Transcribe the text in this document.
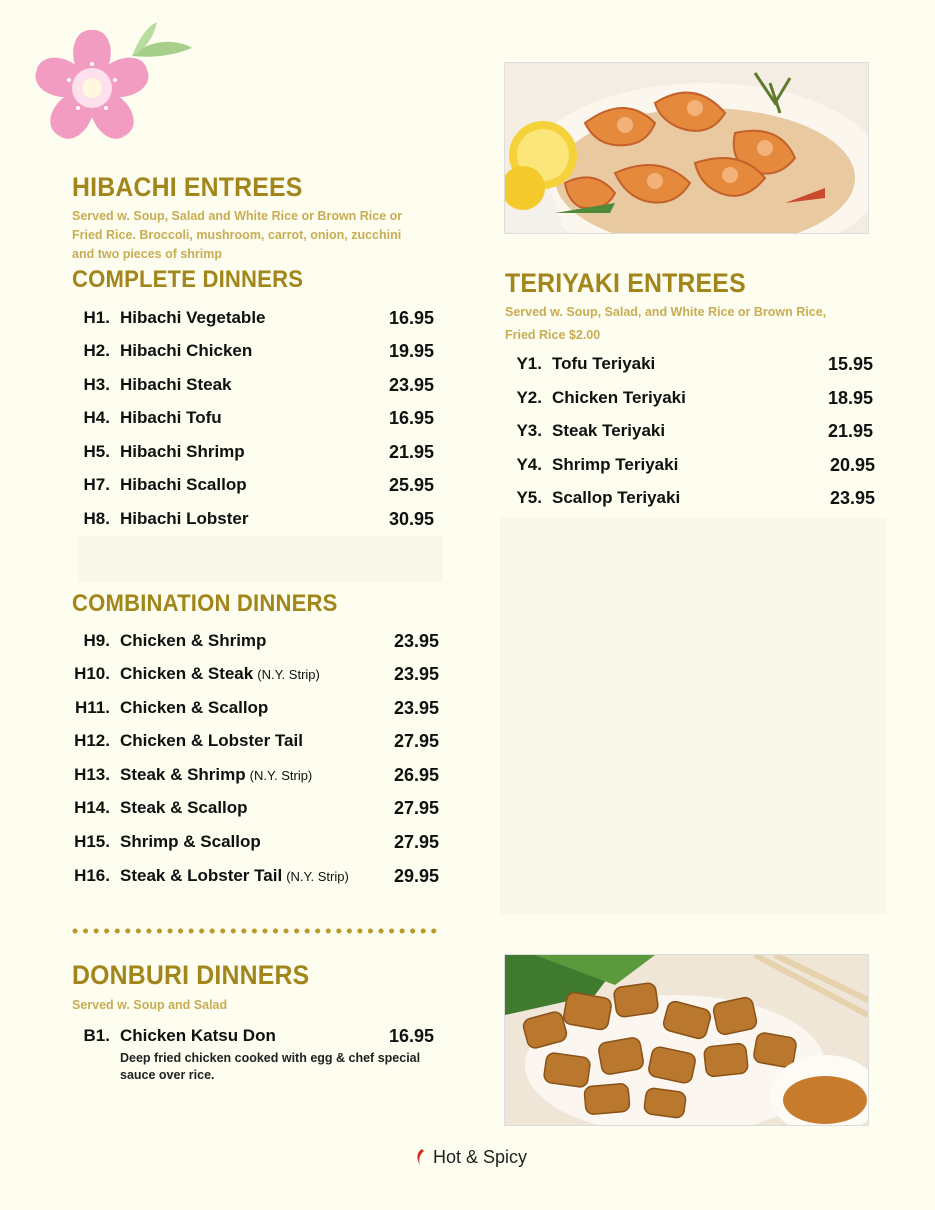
HIBACHI ENTREES
Served w. Soup, Salad and White Rice or Brown Rice or
Fried Rice. Broccoli, mushroom, carrot, onion, zucchini
and two pieces of shrimp
COMPLETE DINNERS
H1. Hibachi Vegetable	16.95
H2. Hibachi Chicken	19.95
H3. Hibachi Steak	23.95
H4. Hibachi Tofu	16.95
H5. Hibachi Shrimp	21.95
H7. Hibachi Scallop	25.95
H8. Hibachi Lobster	30.95
COMBINATION DINNERS
H9. Chicken & Shrimp	23.95
H10. Chicken & Steak (N.Y. Strip)	23.95
H11. Chicken & Scallop	23.95
H12. Chicken & Lobster Tail	27.95
H13. Steak & Shrimp (N.Y. Strip)	26.95
H14. Steak & Scallop	27.95
H15. Shrimp & Scallop	27.95
H16. Steak & Lobster Tail (N.Y. Strip)	29.95
DONBURI DINNERS
Served w. Soup and Salad
B1. Chicken Katsu Don	16.95
Deep fried chicken cooked with egg & chef special
sauce over rice.
TERIYAKI ENTREES
Served w. Soup, Salad, and White Rice or Brown Rice,
Fried Rice $2.00
Y1. Tofu Teriyaki	15.95
Y2. Chicken Teriyaki	18.95
Y3. Steak Teriyaki	21.95
Y4. Shrimp Teriyaki	20.95
Y5. Scallop Teriyaki	23.95
Hot & Spicy
